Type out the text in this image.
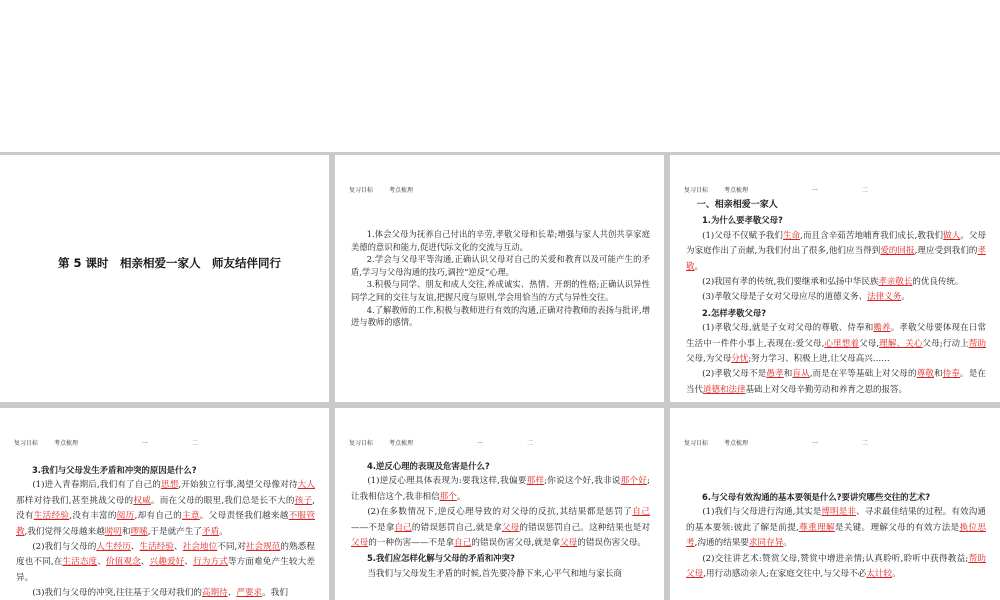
第 5 课时　相亲相爱一家人　师友结伴同行
复习目标	考点梳理

1.体会父母为抚养自己付出的辛劳,孝敬父母和长辈;增强与家人共创共享家庭美德的意识和能力,促进代际文化的交流与互动。

2.学会与父母平等沟通,正确认识父母对自己的关爱和教育以及可能产生的矛盾,学习与父母沟通的技巧,调控“逆反”心理。

3.积极与同学、朋友和成人交往,养成诚实、热情、开朗的性格;正确认识异性同学之间的交往与友谊,把握尺度与原则,学会用恰当的方式与异性交往。

4.了解教师的工作,积极与教师进行有效的沟通,正确对待教师的表扬与批评,增进与教师的感情。

复习目标	考点梳理	一	二

一、相亲相爱一家人

1.为什么要孝敬父母?

(1)父母不仅赋予我们生命,而且含辛茹苦地哺育我们成长,教我们做人。父母为家庭作出了贡献,为我们付出了很多,他们应当得到爱的回报,理应受到我们的孝敬。

(2)我国有孝的传统,我们要继承和弘扬中华民族孝亲敬长的优良传统。

(3)孝敬父母是子女对父母应尽的道德义务、法律义务。

2.怎样孝敬父母?

(1)孝敬父母,就是子女对父母的尊敬、侍奉和赡养。孝敬父母要体现在日常生活中一件件小事上,表现在:爱父母,心里想着父母,理解、关心父母;行动上帮助父母,为父母分忧;努力学习、积极上进,让父母高兴……

(2)孝敬父母不是愚孝和盲从,而是在平等基础上对父母的尊敬和侍奉。是在当代道德和法律基础上对父母辛勤劳动和养育之恩的报答。

复习目标	考点梳理	一	二

3.我们与父母发生矛盾和冲突的原因是什么?

(1)进入青春期后,我们有了自己的思想,开始独立行事,渴望父母像对待大人那样对待我们,甚至挑战父母的权威。而在父母的眼里,我们总是长不大的孩子,没有生活经验,没有丰富的阅历,却有自己的主意。父母责怪我们越来越不服管教,我们觉得父母越来越唠叨和啰嗦,于是就产生了矛盾。

(2)我们与父母的人生经历、生活经验、社会地位不同,对社会规范的熟悉程度也不同,在生活态度、价值观念、兴趣爱好、行为方式等方面难免产生较大差异。

(3)我们与父母的冲突,往往基于父母对我们的高期待、严要求。我们

复习目标	考点梳理	一	二

4.逆反心理的表现及危害是什么?

(1)逆反心理具体表现为:要我这样,我偏要那样;你说这个好,我非说那个好;让我相信这个,我非相信那个。

(2)在多数情况下,逆反心理导致的对父母的反抗,其结果都是惩罚了自己——不是拿自己的错误惩罚自己,就是拿父母的错误惩罚自己。这种结果也是对父母的一种伤害——不是拿自己的错误伤害父母,就是拿父母的错误伤害父母。

5.我们应怎样化解与父母的矛盾和冲突?

当我们与父母发生矛盾的时候,首先要冷静下来,心平气和地与家长商

复习目标	考点梳理	一	二

6.与父母有效沟通的基本要领是什么?要讲究哪些交往的艺术?

(1)我们与父母进行沟通,其实是博明是非、寻求最佳结果的过程。有效沟通的基本要领:彼此了解是前提,尊重理解是关键。理解父母的有效方法是换位思考,沟通的结果要求同存异。

(2)交往讲艺术:赞赏父母,赞赏中增进亲情;认真聆听,聆听中获得教益;帮助父母,用行动感动亲人;在家庭交往中,与父母不必太计较。
